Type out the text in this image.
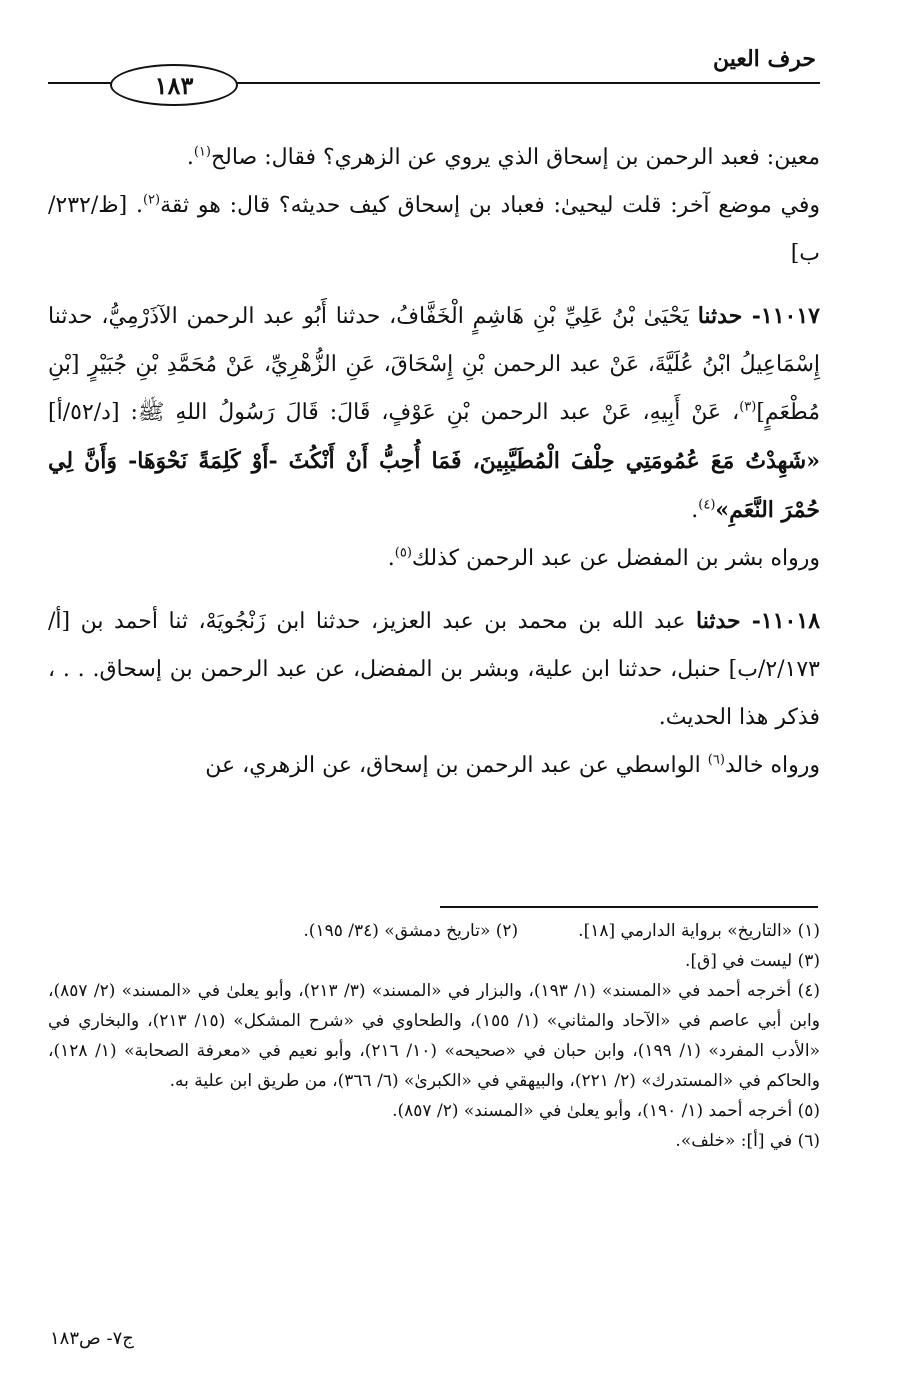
حرف العين
١٨٣

معين: فعبد الرحمن بن إسحاق الذي يروي عن الزهري؟ فقال: صالح$^{(١)}$.

وفي موضع آخر: قلت ليحيىٰ: فعباد بن إسحاق كيف حديثه؟ قال: هو ثقة$^{(٢)}$. [ظ/٢٣٢/ب]

١١٠١٧- حدثنا يَحْيَىٰ بْنُ عَلِيِّ بْنِ هَاشِمٍ الْخَفَّافُ، حدثنا أَبُو عبد الرحمن الآذَرْمِيُّ، حدثنا إِسْمَاعِيلُ ابْنُ عُلَيَّةَ، عَنْ عبد الرحمن بْنِ إِسْحَاقَ، عَنِ الزُّهْرِيِّ، عَنْ مُحَمَّدِ بْنِ جُبَيْرٍ [بْنِ مُطْعَمٍ]$^{(٣)}$، عَنْ أَبِيهِ، عَنْ عبد الرحمن بْنِ عَوْفٍ، قَالَ: قَالَ رَسُولُ اللهِ ﷺ: [د/٥٢/أ] «شَهِدْتُ مَعَ عُمُومَتِي حِلْفَ الْمُطَيَّبِينَ، فَمَا أُحِبُّ أَنْ أَنْكُثَ -أَوْ كَلِمَةً نَحْوَهَا- وَأَنَّ لِي حُمْرَ النَّعَمِ»$^{(٤)}$.

ورواه بشر بن المفضل عن عبد الرحمن كذلك$^{(٥)}$.

١١٠١٨- حدثنا عبد الله بن محمد بن عبد العزيز، حدثنا ابن زَنْجُويَهْ، ثنا أحمد بن [أ/٢/١٧٣/ب] حنبل، حدثنا ابن علية، وبشر بن المفضل، عن عبد الرحمن بن إسحاق. . . ، فذكر هذا الحديث.

ورواه خالد$^{(٦)}$ الواسطي عن عبد الرحمن بن إسحاق، عن الزهري، عن

(١) «التاريخ» برواية الدارمي [١٨].

(٢) «تاريخ دمشق» (٣٤/ ١٩٥).

(٣) ليست في [ق].

(٤) أخرجه أحمد في «المسند» (١/ ١٩٣)، والبزار في «المسند» (٣/ ٢١٣)، وأبو يعلىٰ في «المسند» (٢/ ٨٥٧)، وابن أبي عاصم في «الآحاد والمثاني» (١/ ١٥٥)، والطحاوي في «شرح المشكل» (١٥/ ٢١٣)، والبخاري في «الأدب المفرد» (١/ ١٩٩)، وابن حبان في «صحيحه» (١٠/ ٢١٦)، وأبو نعيم في «معرفة الصحابة» (١/ ١٢٨)، والحاكم في «المستدرك» (٢/ ٢٢١)، والبيهقي في «الكبرىٰ» (٦/ ٣٦٦)، من طريق ابن علية به.

(٥) أخرجه أحمد (١/ ١٩٠)، وأبو يعلىٰ في «المسند» (٢/ ٨٥٧).

(٦) في [أ]: «خلف».

ج٧- ص١٨٣
